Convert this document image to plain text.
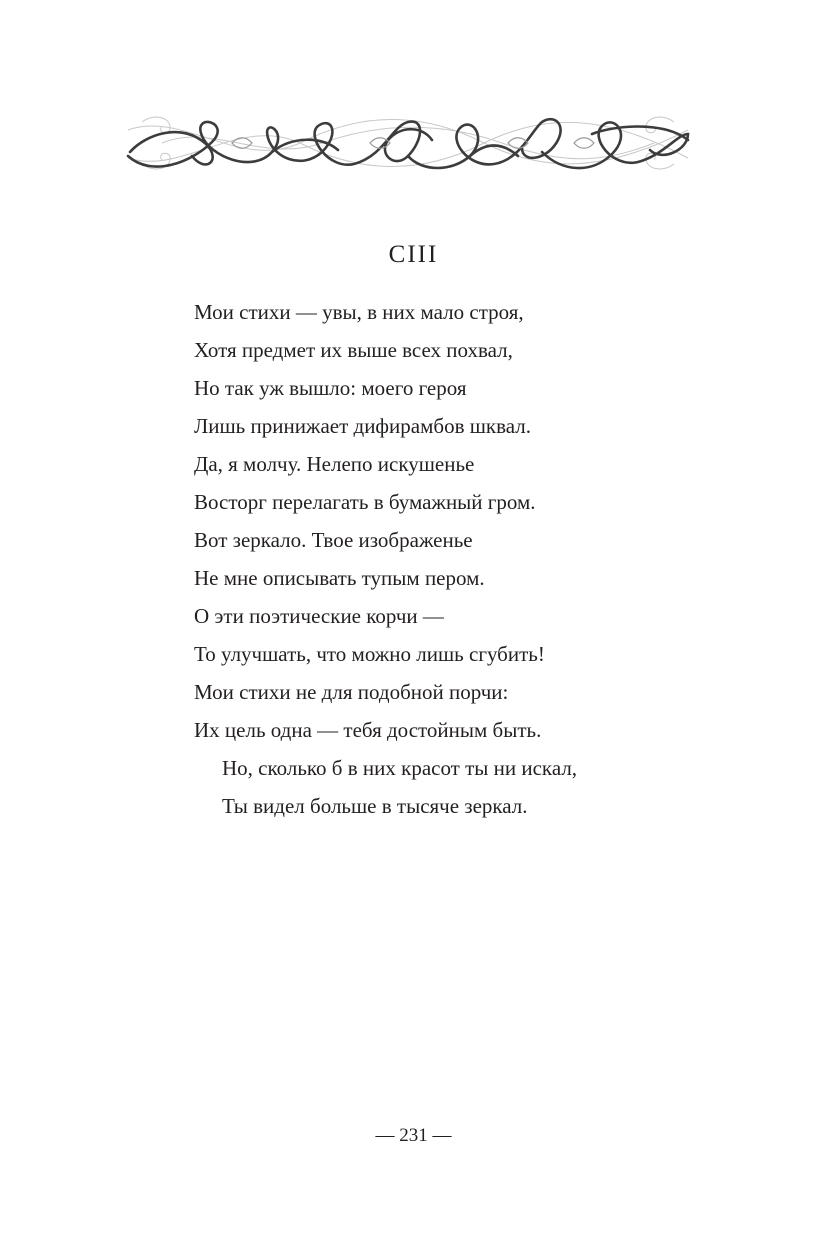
CIII
Мои стихи — увы, в них мало строя,
Хотя предмет их выше всех похвал,
Но так уж вышло: моего героя
Лишь принижает дифирамбов шквал.
Да, я молчу. Нелепо искушенье
Восторг перелагать в бумажный гром.
Вот зеркало. Твое изображенье
Не мне описывать тупым пером.
О эти поэтические корчи —
То улучшать, что можно лишь сгубить!
Мои стихи не для подобной порчи:
Их цель одна — тебя достойным быть.
Но, сколько б в них красот ты ни искал,
Ты видел больше в тысяче зеркал.
— 231 —
